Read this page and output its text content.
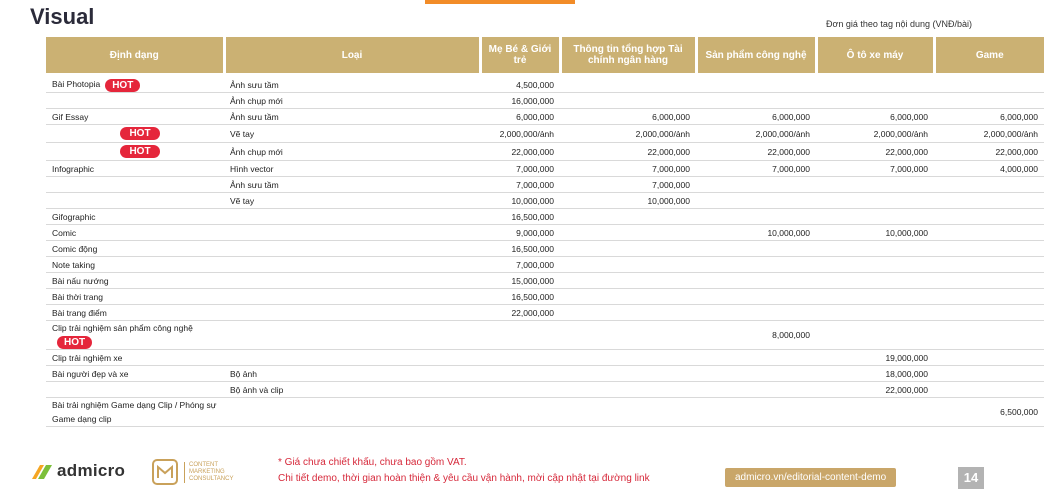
Visual	Đơn giá theo tag nội dung (VNĐ/bài)
Định dạng	Loại	Mẹ Bé & Giới trẻ	Thông tin tổng hợp Tài chính ngân hàng	Sản phẩm công nghệ	Ô tô xe máy	Game
Bài Photopia HOT	Ảnh sưu tầm	4,500,000				
	Ảnh chụp mới	16,000,000				
Gif Essay	Ảnh sưu tầm	6,000,000	6,000,000	6,000,000	6,000,000	6,000,000

HOT	Vẽ tay	2,000,000/ảnh	2,000,000/ảnh	2,000,000/ảnh	2,000,000/ảnh	2,000,000/ảnh

HOT	Ảnh chụp mới	22,000,000	22,000,000	22,000,000	22,000,000	22,000,000
Infographic	Hình vector	7,000,000	7,000,000	7,000,000	7,000,000	4,000,000
	Ảnh sưu tầm	7,000,000	7,000,000			
	Vẽ tay	10,000,000	10,000,000			
Gifographic		16,500,000				
Comic		9,000,000		10,000,000	10,000,000	
Comic động		16,500,000				
Note taking		7,000,000				
Bài nấu nướng		15,000,000				
Bài thời trang		16,500,000				
Bài trang điểm		22,000,000				
Clip trải nghiệm sản phẩm công nghệHOT				8,000,000		
Clip trải nghiệm xe					19,000,000	
Bài người đẹp và xe	Bộ ảnh				18,000,000	
	Bộ ảnh và clip				22,000,000	
Bài trải nghiệm Game dạng Clip / Phóng sự Game dạng clip						6,500,000
admicro	CONTENT
MARKETING
CONSULTANCY
* Giá chưa chiết khấu, chưa bao gồm VAT.
Chi tiết demo, thời gian hoàn thiện & yêu cầu vận hành, mời cập nhật tại đường link	admicro.vn/editorial-content-demo	14
